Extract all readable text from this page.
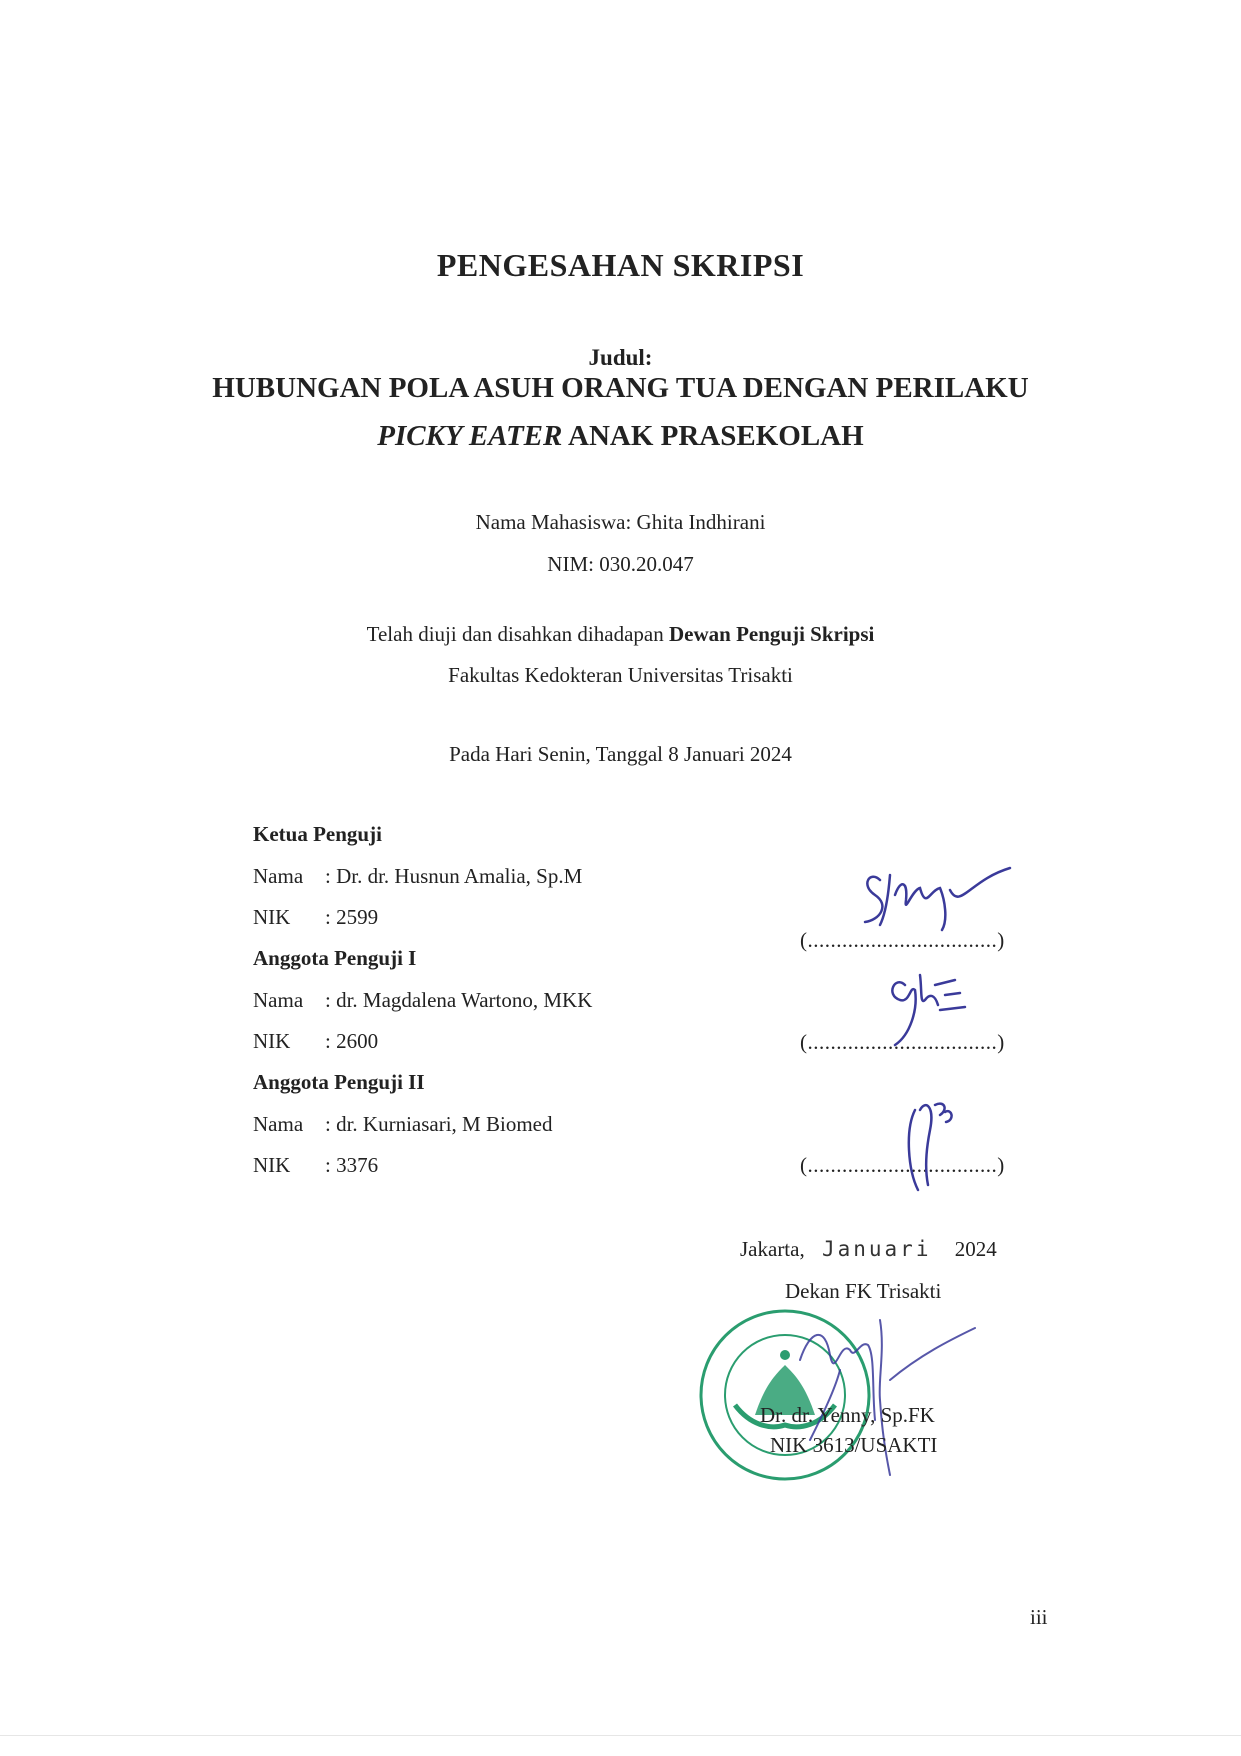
PENGESAHAN SKRIPSI
Judul:
HUBUNGAN POLA ASUH ORANG TUA DENGAN PERILAKU
PICKY EATER ANAK PRASEKOLAH
Nama Mahasiswa: Ghita Indhirani
NIM: 030.20.047
Telah diuji dan disahkan dihadapan Dewan Penguji Skripsi
Fakultas Kedokteran Universitas Trisakti
Pada Hari Senin, Tanggal 8 Januari 2024
Ketua Penguji
Nama : Dr. dr. Husnun Amalia, Sp.M
NIK : 2599
Anggota Penguji I
Nama : dr. Magdalena Wartono, MKK
NIK : 2600
Anggota Penguji II
Nama : dr. Kurniasari, M Biomed
NIK : 3376
(.................................)
(.................................)
(.................................)
Jakarta, Januari 2024
Dekan FK Trisakti
Dr. dr. Yenny, Sp.FK
NIK 3613/USAKTI
iii
